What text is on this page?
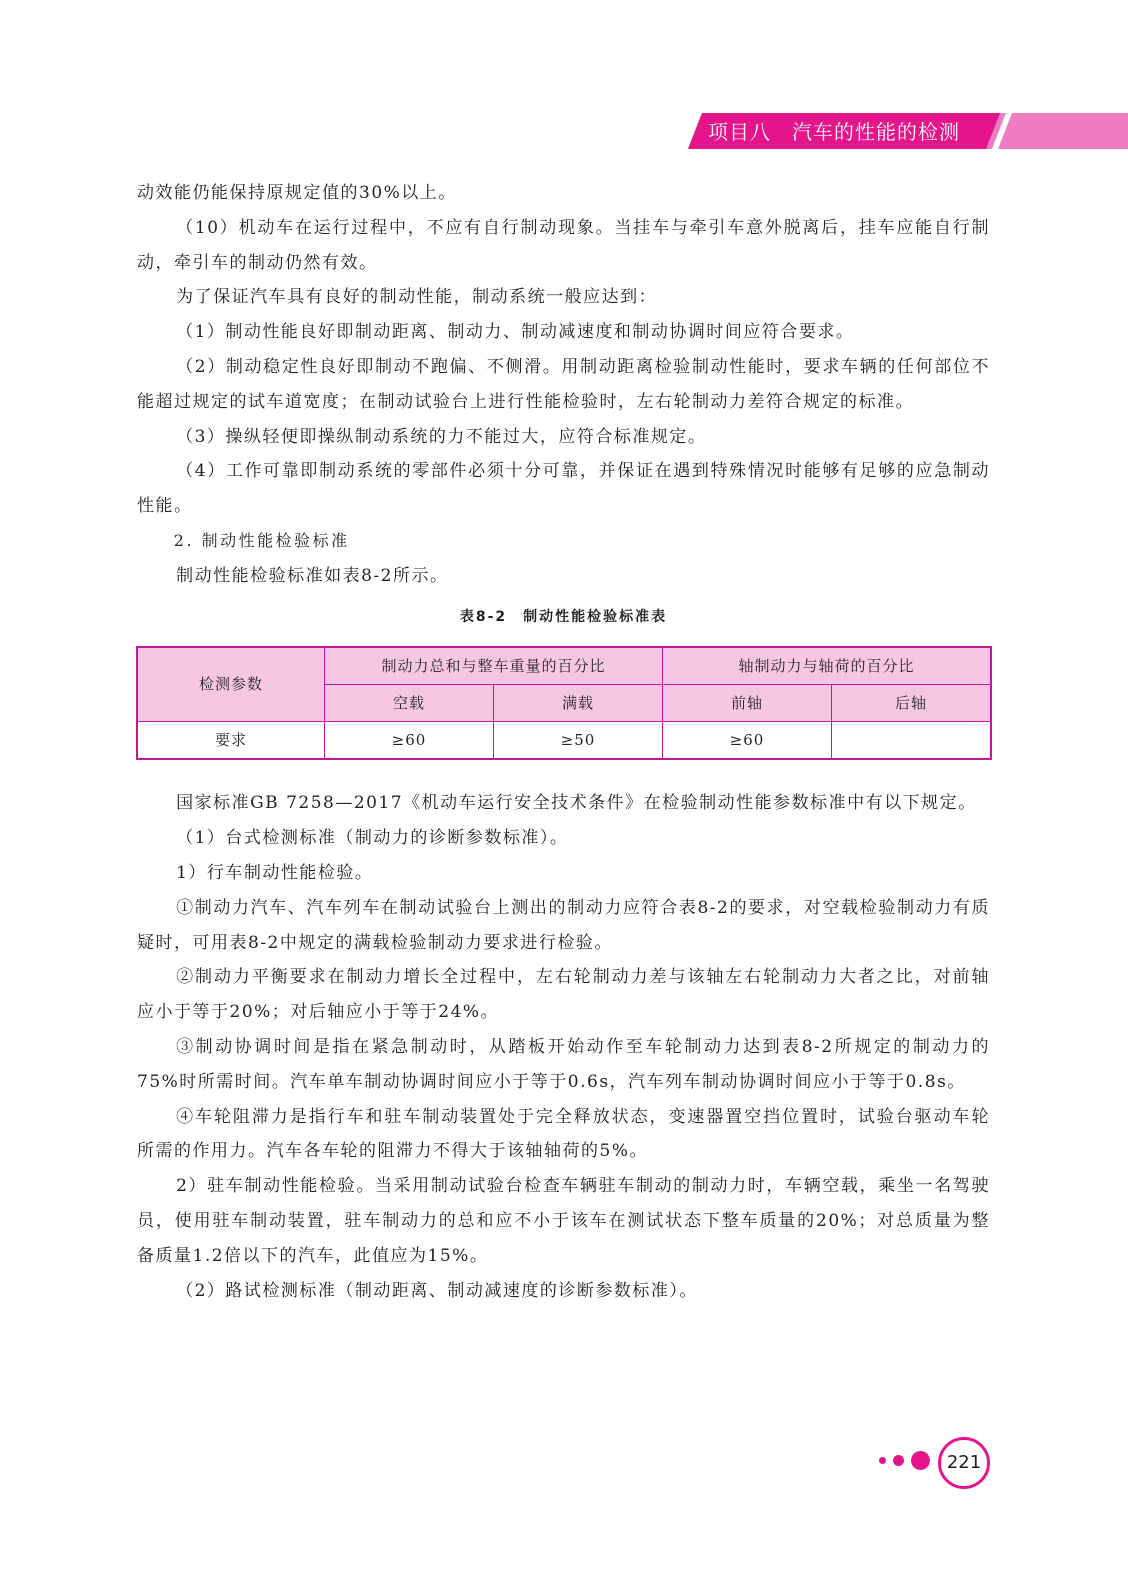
项目八　汽车的性能的检测

动效能仍能保持原规定值的30%以上。

（10）机动车在运行过程中，不应有自行制动现象。当挂车与牵引车意外脱离后，挂车应能自行制动，牵引车的制动仍然有效。

为了保证汽车具有良好的制动性能，制动系统一般应达到：

（1）制动性能良好即制动距离、制动力、制动减速度和制动协调时间应符合要求。

（2）制动稳定性良好即制动不跑偏、不侧滑。用制动距离检验制动性能时，要求车辆的任何部位不能超过规定的试车道宽度；在制动试验台上进行性能检验时，左右轮制动力差符合规定的标准。

（3）操纵轻便即操纵制动系统的力不能过大，应符合标准规定。

（4）工作可靠即制动系统的零部件必须十分可靠，并保证在遇到特殊情况时能够有足够的应急制动性能。

2. 制动性能检验标准

制动性能检验标准如表8-2所示。

表8-2　制动性能检验标准表
检测参数	制动力总和与整车重量的百分比		轴制动力与轴荷的百分比	
	空载	满载	前轴	后轴
要求	≥60	≥50	≥60	

国家标准GB 7258—2017《机动车运行安全技术条件》在检验制动性能参数标准中有以下规定。

（1）台式检测标准（制动力的诊断参数标准）。

1）行车制动性能检验。

①制动力汽车、汽车列车在制动试验台上测出的制动力应符合表8-2的要求，对空载检验制动力有质疑时，可用表8-2中规定的满载检验制动力要求进行检验。

②制动力平衡要求在制动力增长全过程中，左右轮制动力差与该轴左右轮制动力大者之比，对前轴应小于等于20%；对后轴应小于等于24%。

③制动协调时间是指在紧急制动时，从踏板开始动作至车轮制动力达到表8-2所规定的制动力的75%时所需时间。汽车单车制动协调时间应小于等于0.6s，汽车列车制动协调时间应小于等于0.8s。

④车轮阻滞力是指行车和驻车制动装置处于完全释放状态，变速器置空挡位置时，试验台驱动车轮所需的作用力。汽车各车轮的阻滞力不得大于该轴轴荷的5%。

2）驻车制动性能检验。当采用制动试验台检查车辆驻车制动的制动力时，车辆空载，乘坐一名驾驶员，使用驻车制动装置，驻车制动力的总和应不小于该车在测试状态下整车质量的20%；对总质量为整备质量1.2倍以下的汽车，此值应为15%。

（2）路试检测标准（制动距离、制动减速度的诊断参数标准）。

221
